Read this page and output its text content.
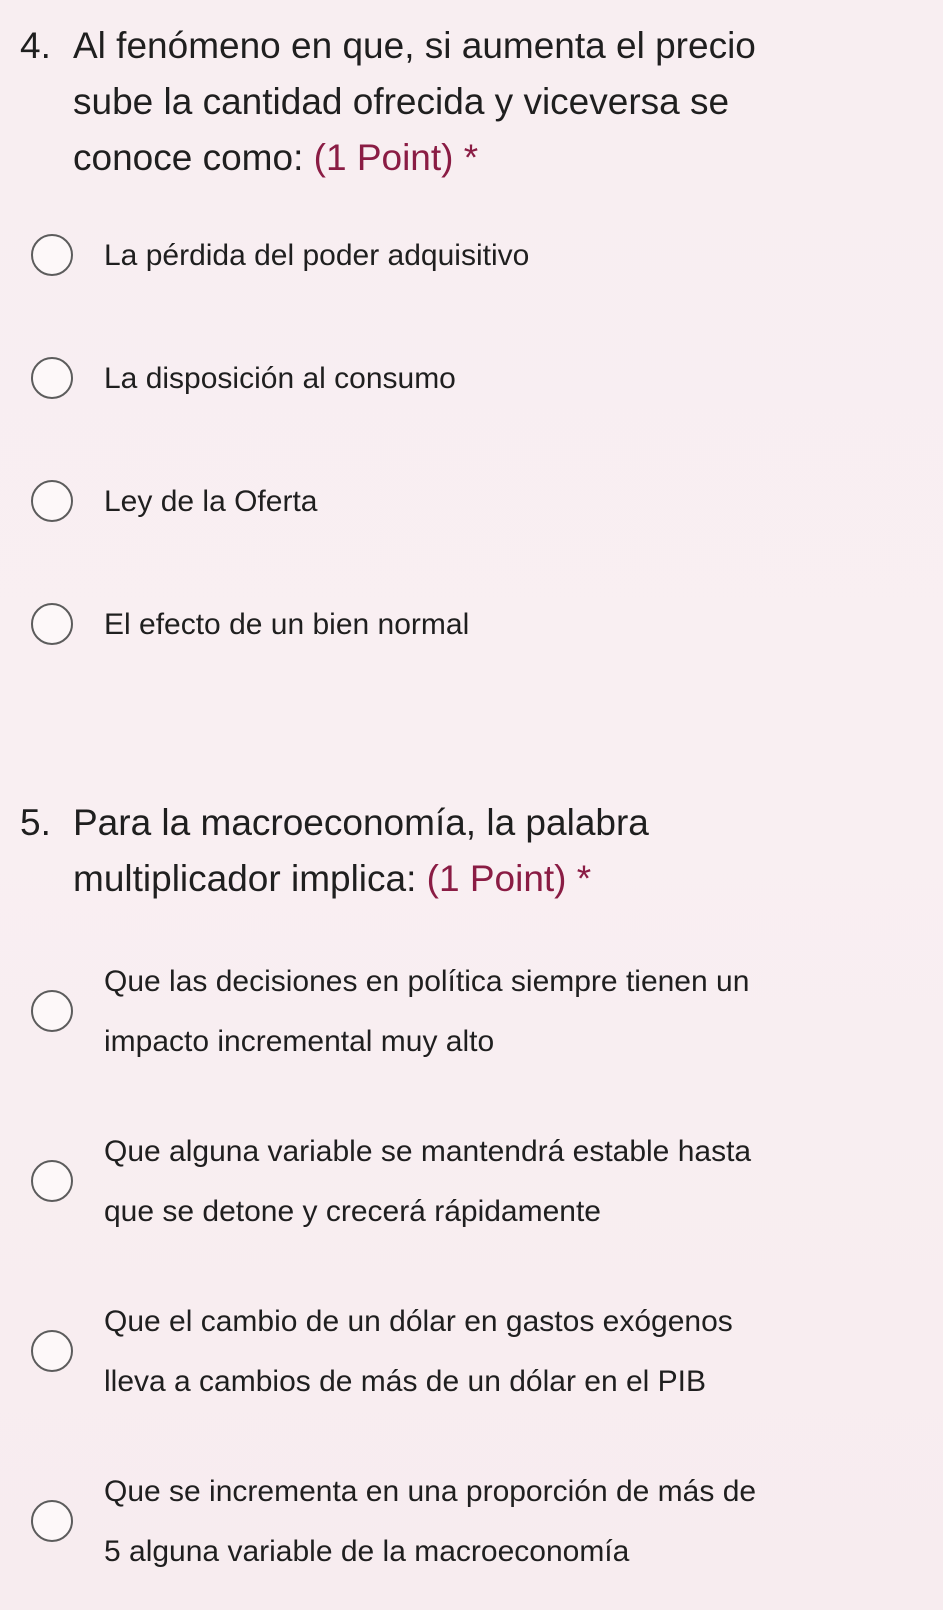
4. Al fenómeno en que, si aumenta el precio
sube la cantidad ofrecida y viceversa se
conoce como: (1 Point) *
La pérdida del poder adquisitivo
La disposición al consumo
Ley de la Oferta
El efecto de un bien normal
5. Para la macroeconomía, la palabra
multiplicador implica: (1 Point) *
Que las decisiones en política siempre tienen un
impacto incremental muy alto
Que alguna variable se mantendrá estable hasta
que se detone y crecerá rápidamente
Que el cambio de un dólar en gastos exógenos
lleva a cambios de más de un dólar en el PIB
Que se incrementa en una proporción de más de
5 alguna variable de la macroeconomía
